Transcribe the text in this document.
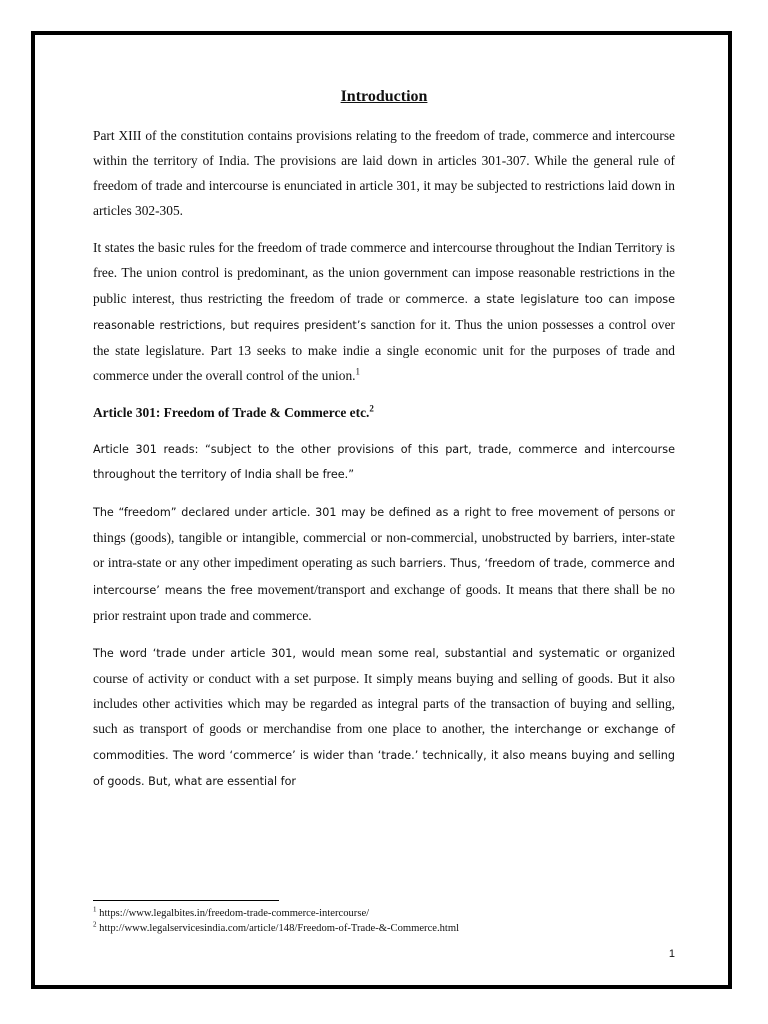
Introduction

Part XIII of the constitution contains provisions relating to the freedom of trade, commerce and intercourse within the territory of India. The provisions are laid down in articles 301-307. While the general rule of freedom of trade and intercourse is enunciated in article 301, it may be subjected to restrictions laid down in articles 302-305.

It states the basic rules for the freedom of trade commerce and intercourse throughout the Indian Territory is free. The union control is predominant, as the union government can impose reasonable restrictions in the public interest, thus restricting the freedom of trade or commerce. a state legislature too can impose reasonable restrictions, but requires president’s sanction for it. Thus the union possesses a control over the state legislature. Part 13 seeks to make indie a single economic unit for the purposes of trade and commerce under the overall control of the union.$^1$

Article 301: Freedom of Trade & Commerce etc.$^2$

Article 301 reads: “subject to the other provisions of this part, trade, commerce and intercourse throughout the territory of India shall be free.”

The “freedom” declared under article. 301 may be defined as a right to free movement of persons or things (goods), tangible or intangible, commercial or non-commercial, unobstructed by barriers, inter-state or intra-state or any other impediment operating as such barriers. Thus, ‘freedom of trade, commerce and intercourse’ means the free movement/transport and exchange of goods. It means that there shall be no prior restraint upon trade and commerce.

The word ‘trade under article 301, would mean some real, substantial and systematic or organized course of activity or conduct with a set purpose. It simply means buying and selling of goods. But it also includes other activities which may be regarded as integral parts of the transaction of buying and selling, such as transport of goods or merchandise from one place to another, the interchange or exchange of commodities. The word ‘commerce’ is wider than ‘trade.’ technically, it also means buying and selling of goods. But, what are essential for

$^1$ https://www.legalbites.in/freedom-trade-commerce-intercourse/
$^2$ http://www.legalservicesindia.com/article/148/Freedom-of-Trade-&-Commerce.html
1
